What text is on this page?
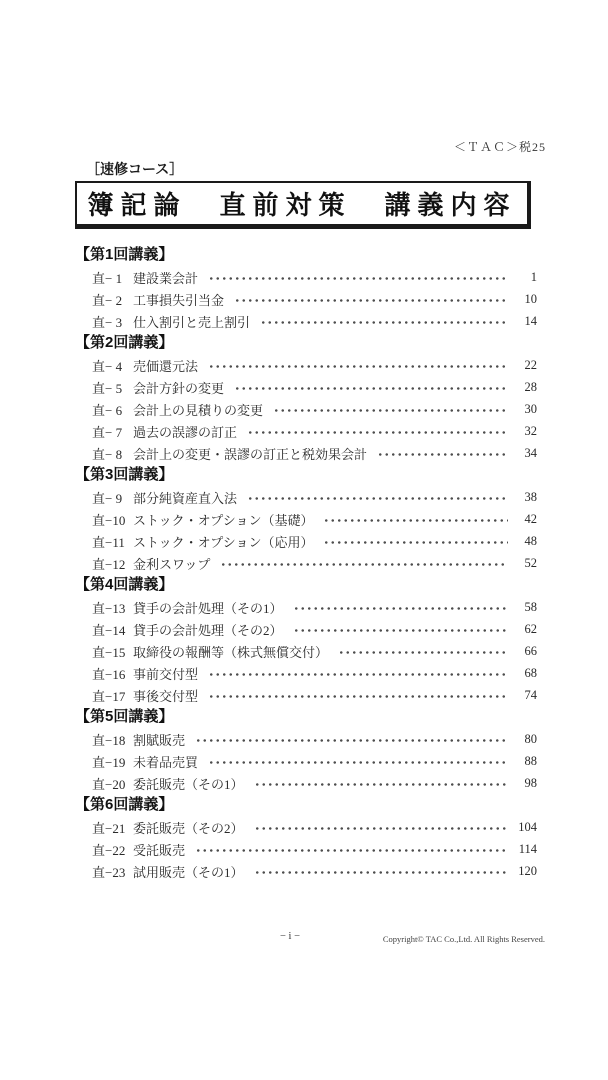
＜ＴＡＣ＞税25
［速修コース］
簿記論　直前対策　講義内容
【第1回講義】
直− 1 建設業会計	1
直− 2 工事損失引当金	10
直− 3 仕入割引と売上割引	14
【第2回講義】
直− 4 売価還元法	22
直− 5 会計方針の変更	28
直− 6 会計上の見積りの変更	30
直− 7 過去の誤謬の訂正	32
直− 8 会計上の変更・誤謬の訂正と税効果会計	34
【第3回講義】
直− 9 部分純資産直入法	38
直−10 ストック・オプション（基礎）	42
直−11 ストック・オプション（応用）	48
直−12 金利スワップ	52
【第4回講義】
直−13 貸手の会計処理（その1）	58
直−14 貸手の会計処理（その2）	62
直−15 取締役の報酬等（株式無償交付）	66
直−16 事前交付型	68
直−17 事後交付型	74
【第5回講義】
直−18 割賦販売	80
直−19 未着品売買	88
直−20 委託販売（その1）	98
【第6回講義】
直−21 委託販売（その2）	104
直−22 受託販売	114
直−23 試用販売（その1）	120
− i −	Copyright© TAC Co.,Ltd. All Rights Reserved.
